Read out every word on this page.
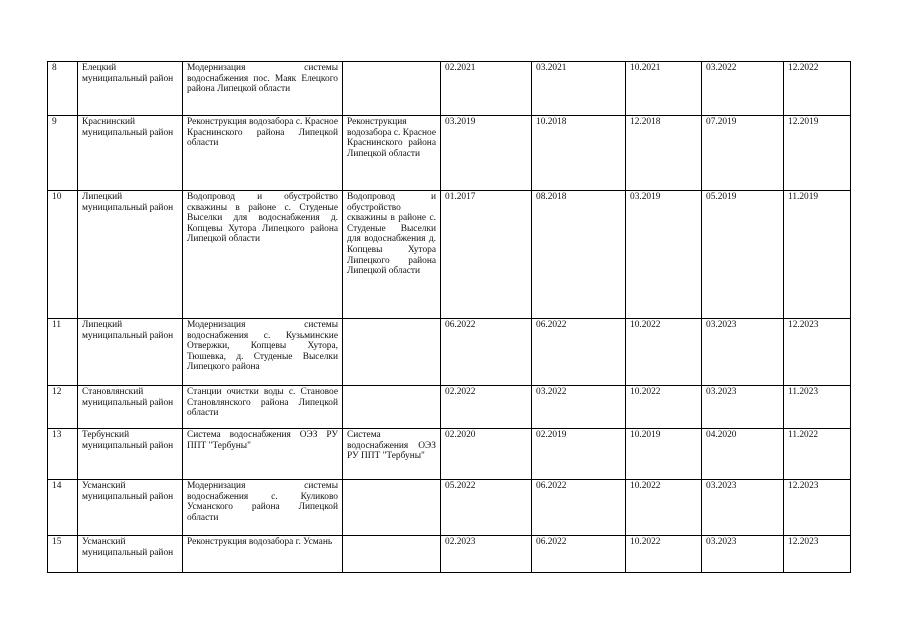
8	Елецкий муниципальный район	Модернизация системы водоснабжения пос. Маяк Елецкого района Липецкой области		02.2021	03.2021	10.2021	03.2022	12.2022
9	Краснинский муниципальный район	Реконструкция водозабора с. Красное Краснинского района Липецкой области	Реконструкция водозабора с. Красное Краснинского района Липецкой области	03.2019	10.2018	12.2018	07.2019	12.2019
10	Липецкий муниципальный район	Водопровод и обустройство скважины в районе с. Студеные Выселки для водоснабжения д. Копцевы Хутора Липецкого района Липецкой области	Водопровод и обустройство скважины в районе с. Студеные Выселки для водоснабжения д. Копцевы Хутора Липецкого района Липецкой области	01.2017	08.2018	03.2019	05.2019	11.2019
11	Липецкий муниципальный район	Модернизация системы водоснабжения с. Кузьминские Отвержки, Копцевы Хутора, Тюшевка, д. Студеные Выселки Липецкого района		06.2022	06.2022	10.2022	03.2023	12.2023
12	Становлянский муниципальный район	Станции очистки воды с. Становое Становлянского района Липецкой области		02.2022	03.2022	10.2022	03.2023	11.2023
13	Тербунский муниципальный район	Система водоснабжения ОЭЗ РУ ППТ "Тербуны"	Система водоснабжения ОЭЗ РУ ППТ "Тербуны"	02.2020	02.2019	10.2019	04.2020	11.2022
14	Усманский муниципальный район	Модернизация системы водоснабжения с. Куликово Усманского района Липецкой области		05.2022	06.2022	10.2022	03.2023	12.2023
15	Усманский муниципальный район	Реконструкция водозабора г. Усмань		02.2023	06.2022	10.2022	03.2023	12.2023
